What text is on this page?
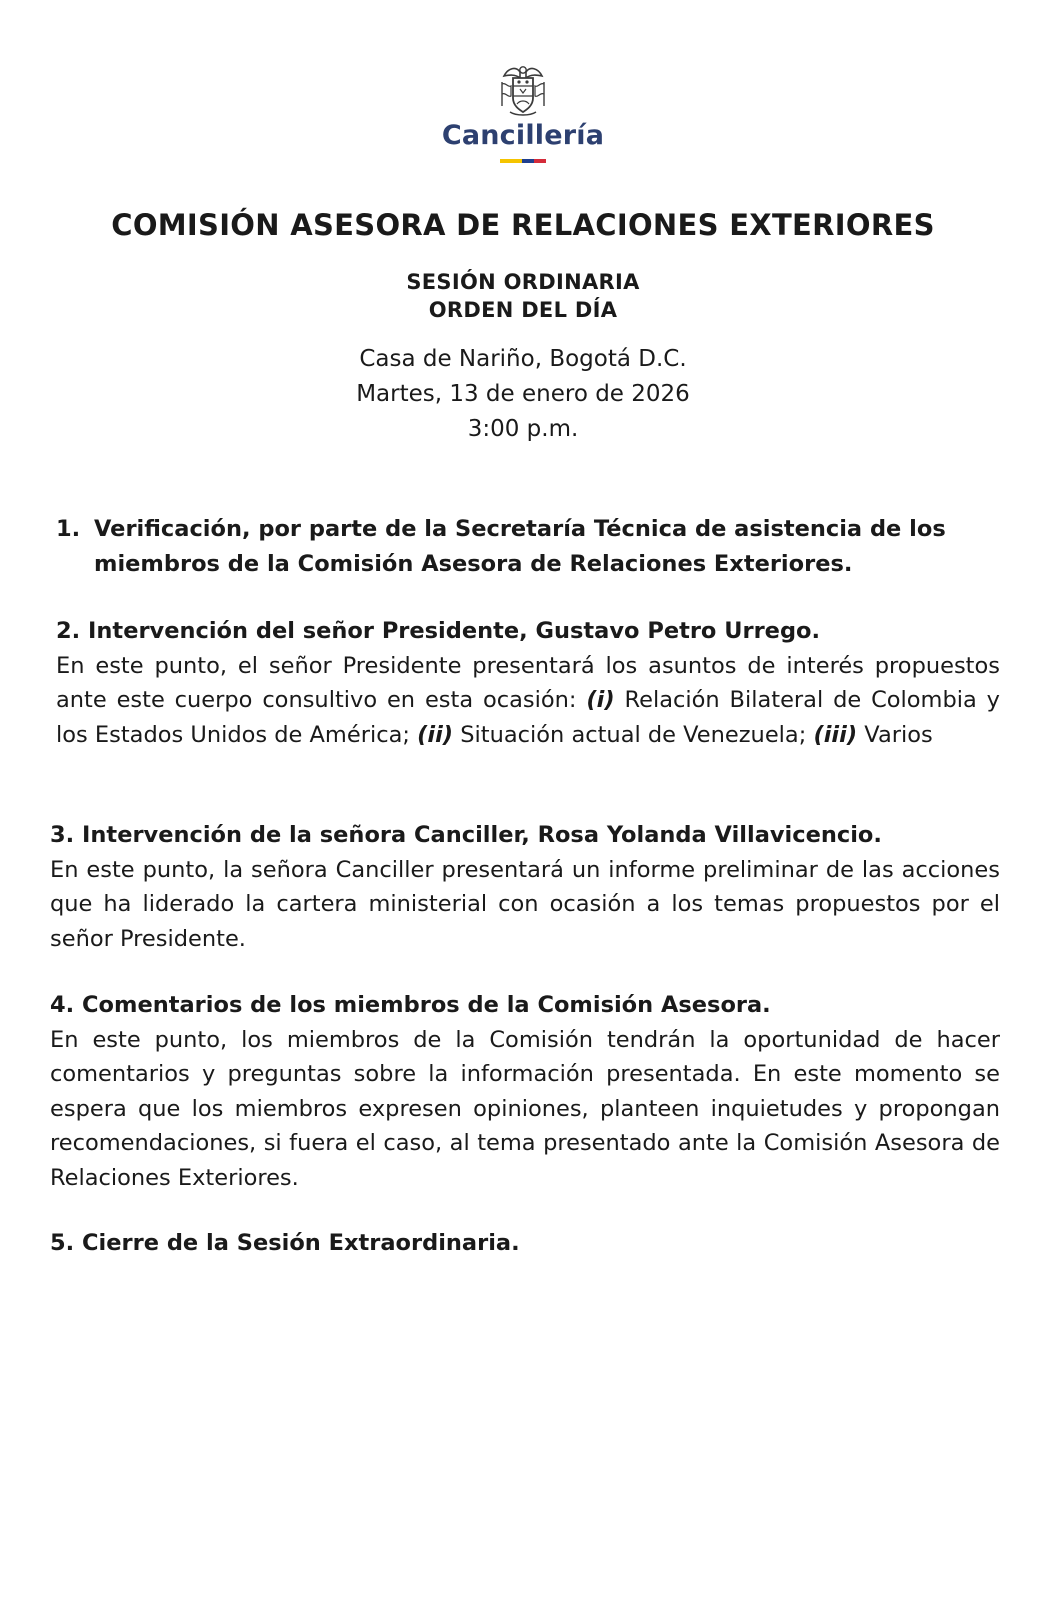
Cancillería
COMISIÓN ASESORA DE RELACIONES EXTERIORES
SESIÓN ORDINARIA
ORDEN DEL DÍA
Casa de Nariño, Bogotá D.C.
Martes, 13 de enero de 2026
3:00 p.m.

1. Verificación, por parte de la Secretaría Técnica de asistencia de los miembros de la Comisión Asesora de Relaciones Exteriores.

2. Intervención del señor Presidente, Gustavo Petro Urrego.

En este punto, el señor Presidente presentará los asuntos de interés propuestos ante este cuerpo consultivo en esta ocasión: (i) Relación Bilateral de Colombia y los Estados Unidos de América; (ii) Situación actual de Venezuela; (iii) Varios

3. Intervención de la señora Canciller, Rosa Yolanda Villavicencio.

En este punto, la señora Canciller presentará un informe preliminar de las acciones que ha liderado la cartera ministerial con ocasión a los temas propuestos por el señor Presidente.

4. Comentarios de los miembros de la Comisión Asesora.

En este punto, los miembros de la Comisión tendrán la oportunidad de hacer comentarios y preguntas sobre la información presentada. En este momento se espera que los miembros expresen opiniones, planteen inquietudes y propongan recomendaciones, si fuera el caso, al tema presentado ante la Comisión Asesora de Relaciones Exteriores.

5. Cierre de la Sesión Extraordinaria.
